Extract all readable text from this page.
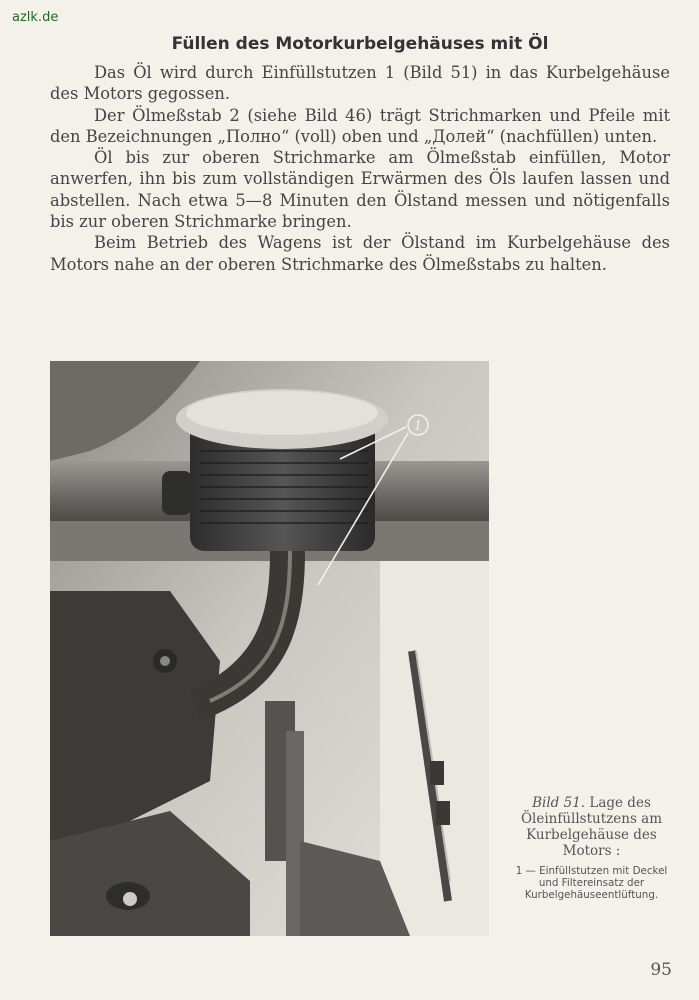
azlk.de
Füllen des Motorkurbelgehäuses mit Öl

Das Öl wird durch Einfüllstutzen 1 (Bild 51) in das Kurbelgehäuse des Motors gegossen.

Der Ölmeßstab 2 (siehe Bild 46) trägt Strichmarken und Pfeile mit den Bezeichnungen „Полно“ (voll) oben und „Долей“ (nachfüllen) unten.

Öl bis zur oberen Strichmarke am Ölmeßstab einfüllen, Motor anwerfen, ihn bis zum vollständigen Erwärmen des Öls laufen lassen und abstellen. Nach etwa 5—8 Minuten den Ölstand messen und nötigenfalls bis zur oberen Strichmarke bringen.

Beim Betrieb des Wagens ist der Ölstand im Kurbelgehäuse des Motors nahe an der oberen Strichmarke des Ölmeßstabs zu halten.

1

Bild 51. Lage des Öleinfüllstutzens am Kurbelgehäuse des Motors :

1 — Einfüllstutzen mit Deckel und Filtereinsatz der Kurbelgehäuseentlüftung.

95
